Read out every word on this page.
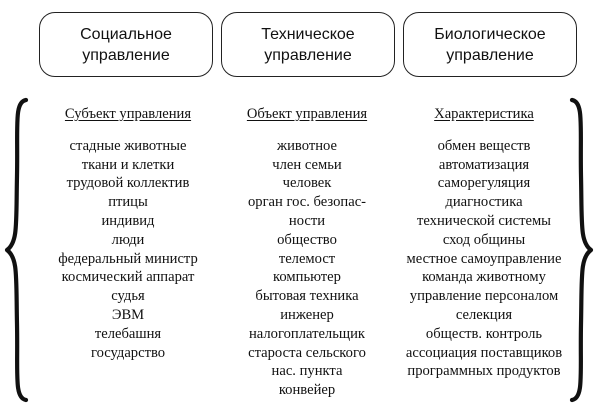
Социальное
управление
Техническое
управление
Биологическое
управление
Субъект управления
стадные животные
ткани и клетки
трудовой коллектив
птицы
индивид
люди
федеральный министр
космический аппарат
судья
ЭВМ
телебашня
государство
Объект управления
животное
член семьи
человек
орган гос. безопас-
ности
общество
телемост
компьютер
бытовая техника
инженер
налогоплательщик
староста сельского
нас. пункта
конвейер
Характеристика
обмен веществ
автоматизация
саморегуляция
диагностика
технической системы
сход общины
местное самоуправление
команда животному
управление персоналом
селекция
обществ. контроль
ассоциация поставщиков
программных продуктов
